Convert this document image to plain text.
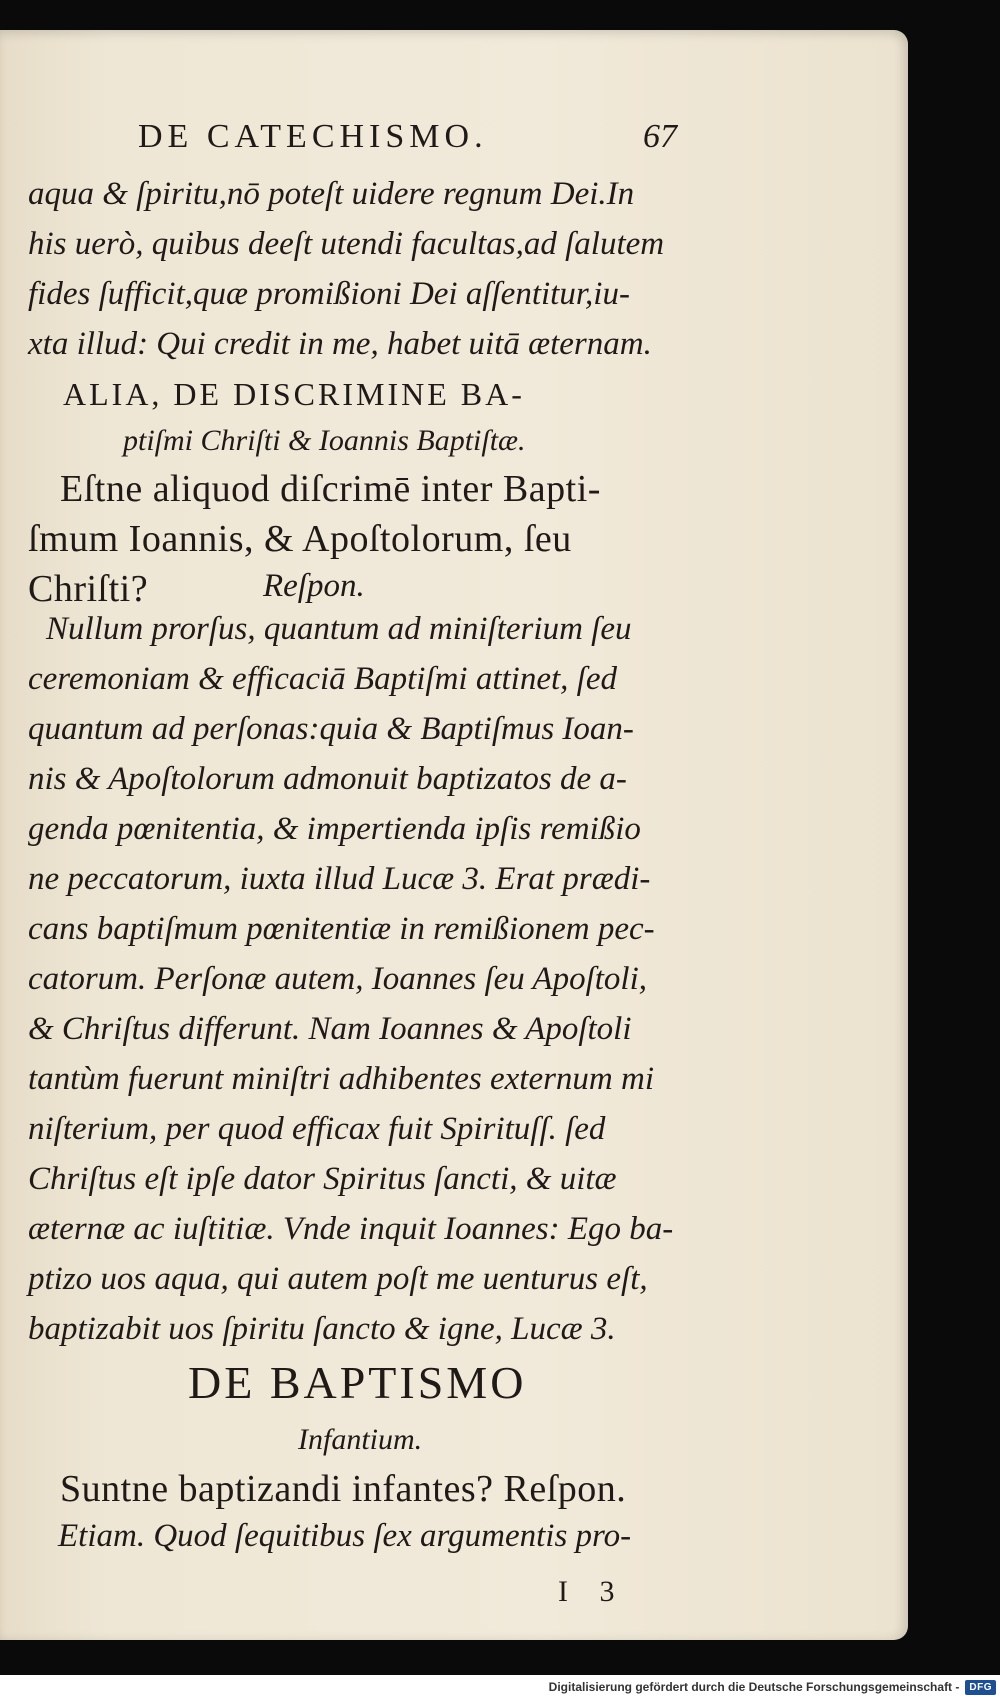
DE CATECHISMO.	67
aqua & ſpiritu,nō poteſt uidere regnum Dei.In
his uerò, quibus deeſt utendi facultas,ad ſalutem
fides ſufficit,quæ promißioni Dei aſſentitur,iu-
xta illud: Qui credit in me, habet uitā æternam.
ALIA, DE DISCRIMINE BA-
ptiſmi Chriſti & Ioannis Baptiſtæ.
Eſtne aliquod diſcrimē inter Bapti-
ſmum Ioannis, & Apoſtolorum, ſeu
Chriſti?	Reſpon.
Nullum prorſus, quantum ad miniſterium ſeu
ceremoniam & efficaciā Baptiſmi attinet, ſed
quantum ad perſonas:quia & Baptiſmus Ioan-
nis & Apoſtolorum admonuit baptizatos de a-
genda pœnitentia, & impertienda ipſis remißio
ne peccatorum, iuxta illud Lucæ 3. Erat prædi-
cans baptiſmum pœnitentiæ in remißionem pec-
catorum. Perſonæ autem, Ioannes ſeu Apoſtoli,
& Chriſtus differunt. Nam Ioannes & Apoſtoli
tantùm fuerunt miniſtri adhibentes externum mi
niſterium, per quod efficax fuit Spirituſſ. ſed
Chriſtus eſt ipſe dator Spiritus ſancti, & uitæ
æternæ ac iuſtitiæ. Vnde inquit Ioannes: Ego ba-
ptizo uos aqua, qui autem poſt me uenturus eſt,
baptizabit uos ſpiritu ſancto & igne, Lucæ 3.
DE BAPTISMO
Infantium.
Suntne baptizandi infantes? Reſpon.
Etiam. Quod ſequitibus ſex argumentis pro-
I 3
Digitalisierung gefördert durch die Deutsche Forschungsgemeinschaft -	DFG
